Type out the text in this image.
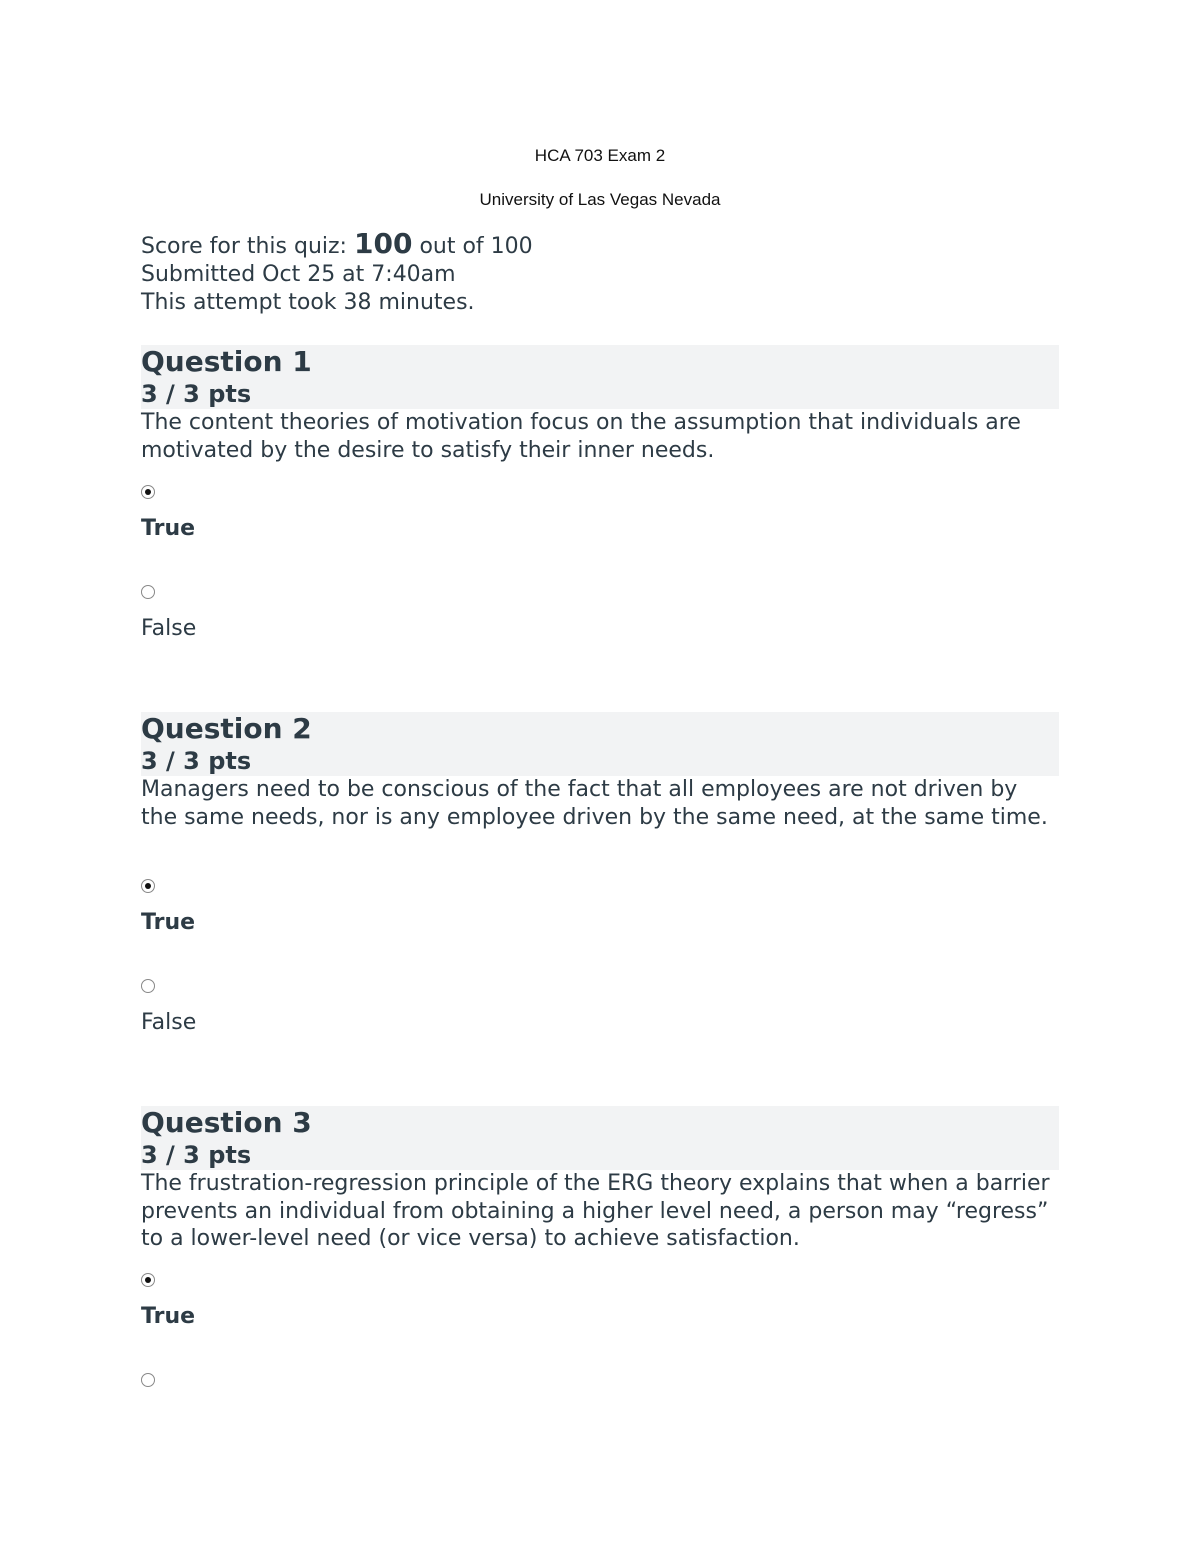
HCA 703 Exam 2
University of Las Vegas Nevada
Score for this quiz: 100 out of 100
Submitted Oct 25 at 7:40am
This attempt took 38 minutes.
Question 1
3 / 3 pts
The content theories of motivation focus on the assumption that individuals are motivated by the desire to satisfy their inner needs.
True
False
Question 2
3 / 3 pts
Managers need to be conscious of the fact that all employees are not driven by the same needs, nor is any employee driven by the same need, at the same time.
True
False
Question 3
3 / 3 pts
The frustration-regression principle of the ERG theory explains that when a barrier prevents an individual from obtaining a higher level need, a person may “regress” to a lower-level need (or vice versa) to achieve satisfaction.
True
